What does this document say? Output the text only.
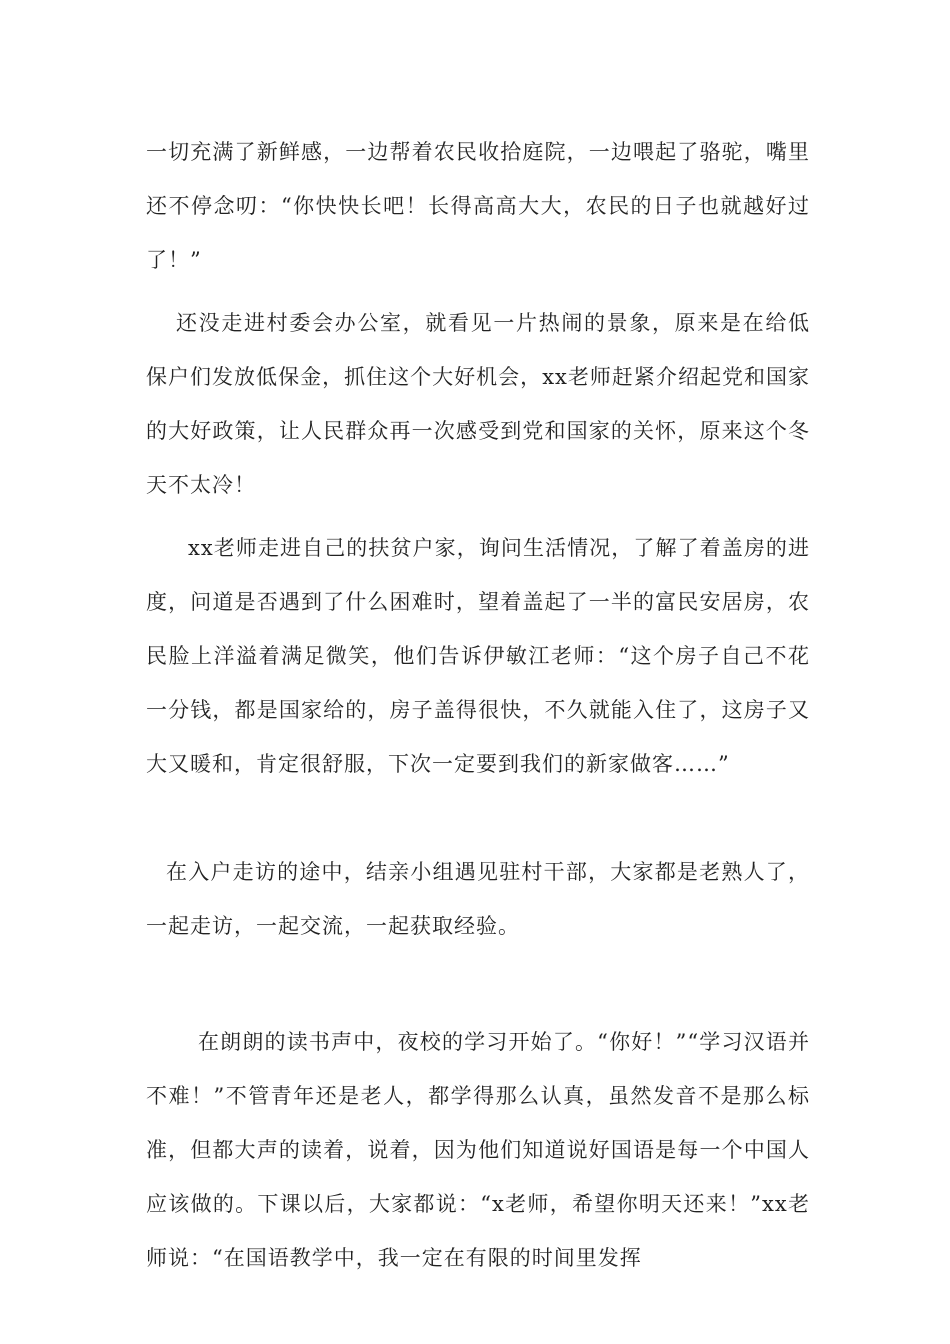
一切充满了新鲜感，一边帮着农民收拾庭院，一边喂起了骆驼，嘴里还不停念叨：“你快快长吧！长得高高大大，农民的日子也就越好过了！”

还没走进村委会办公室，就看见一片热闹的景象，原来是在给低保户们发放低保金，抓住这个大好机会，xx老师赶紧介绍起党和国家的大好政策，让人民群众再一次感受到党和国家的关怀，原来这个冬天不太冷！

xx老师走进自己的扶贫户家，询问生活情况，了解了着盖房的进度，问道是否遇到了什么困难时，望着盖起了一半的富民安居房，农民脸上洋溢着满足微笑，他们告诉伊敏江老师：“这个房子自己不花一分钱，都是国家给的，房子盖得很快，不久就能入住了，这房子又大又暖和，肯定很舒服，下次一定要到我们的新家做客……”

在入户走访的途中，结亲小组遇见驻村干部，大家都是老熟人了，一起走访，一起交流，一起获取经验。

在朗朗的读书声中，夜校的学习开始了。“你好！”“学习汉语并不难！”不管青年还是老人，都学得那么认真，虽然发音不是那么标准，但都大声的读着，说着，因为他们知道说好国语是每一个中国人应该做的。下课以后，大家都说：“x老师，希望你明天还来！”xx老师说：“在国语教学中，我一定在有限的时间里发挥
